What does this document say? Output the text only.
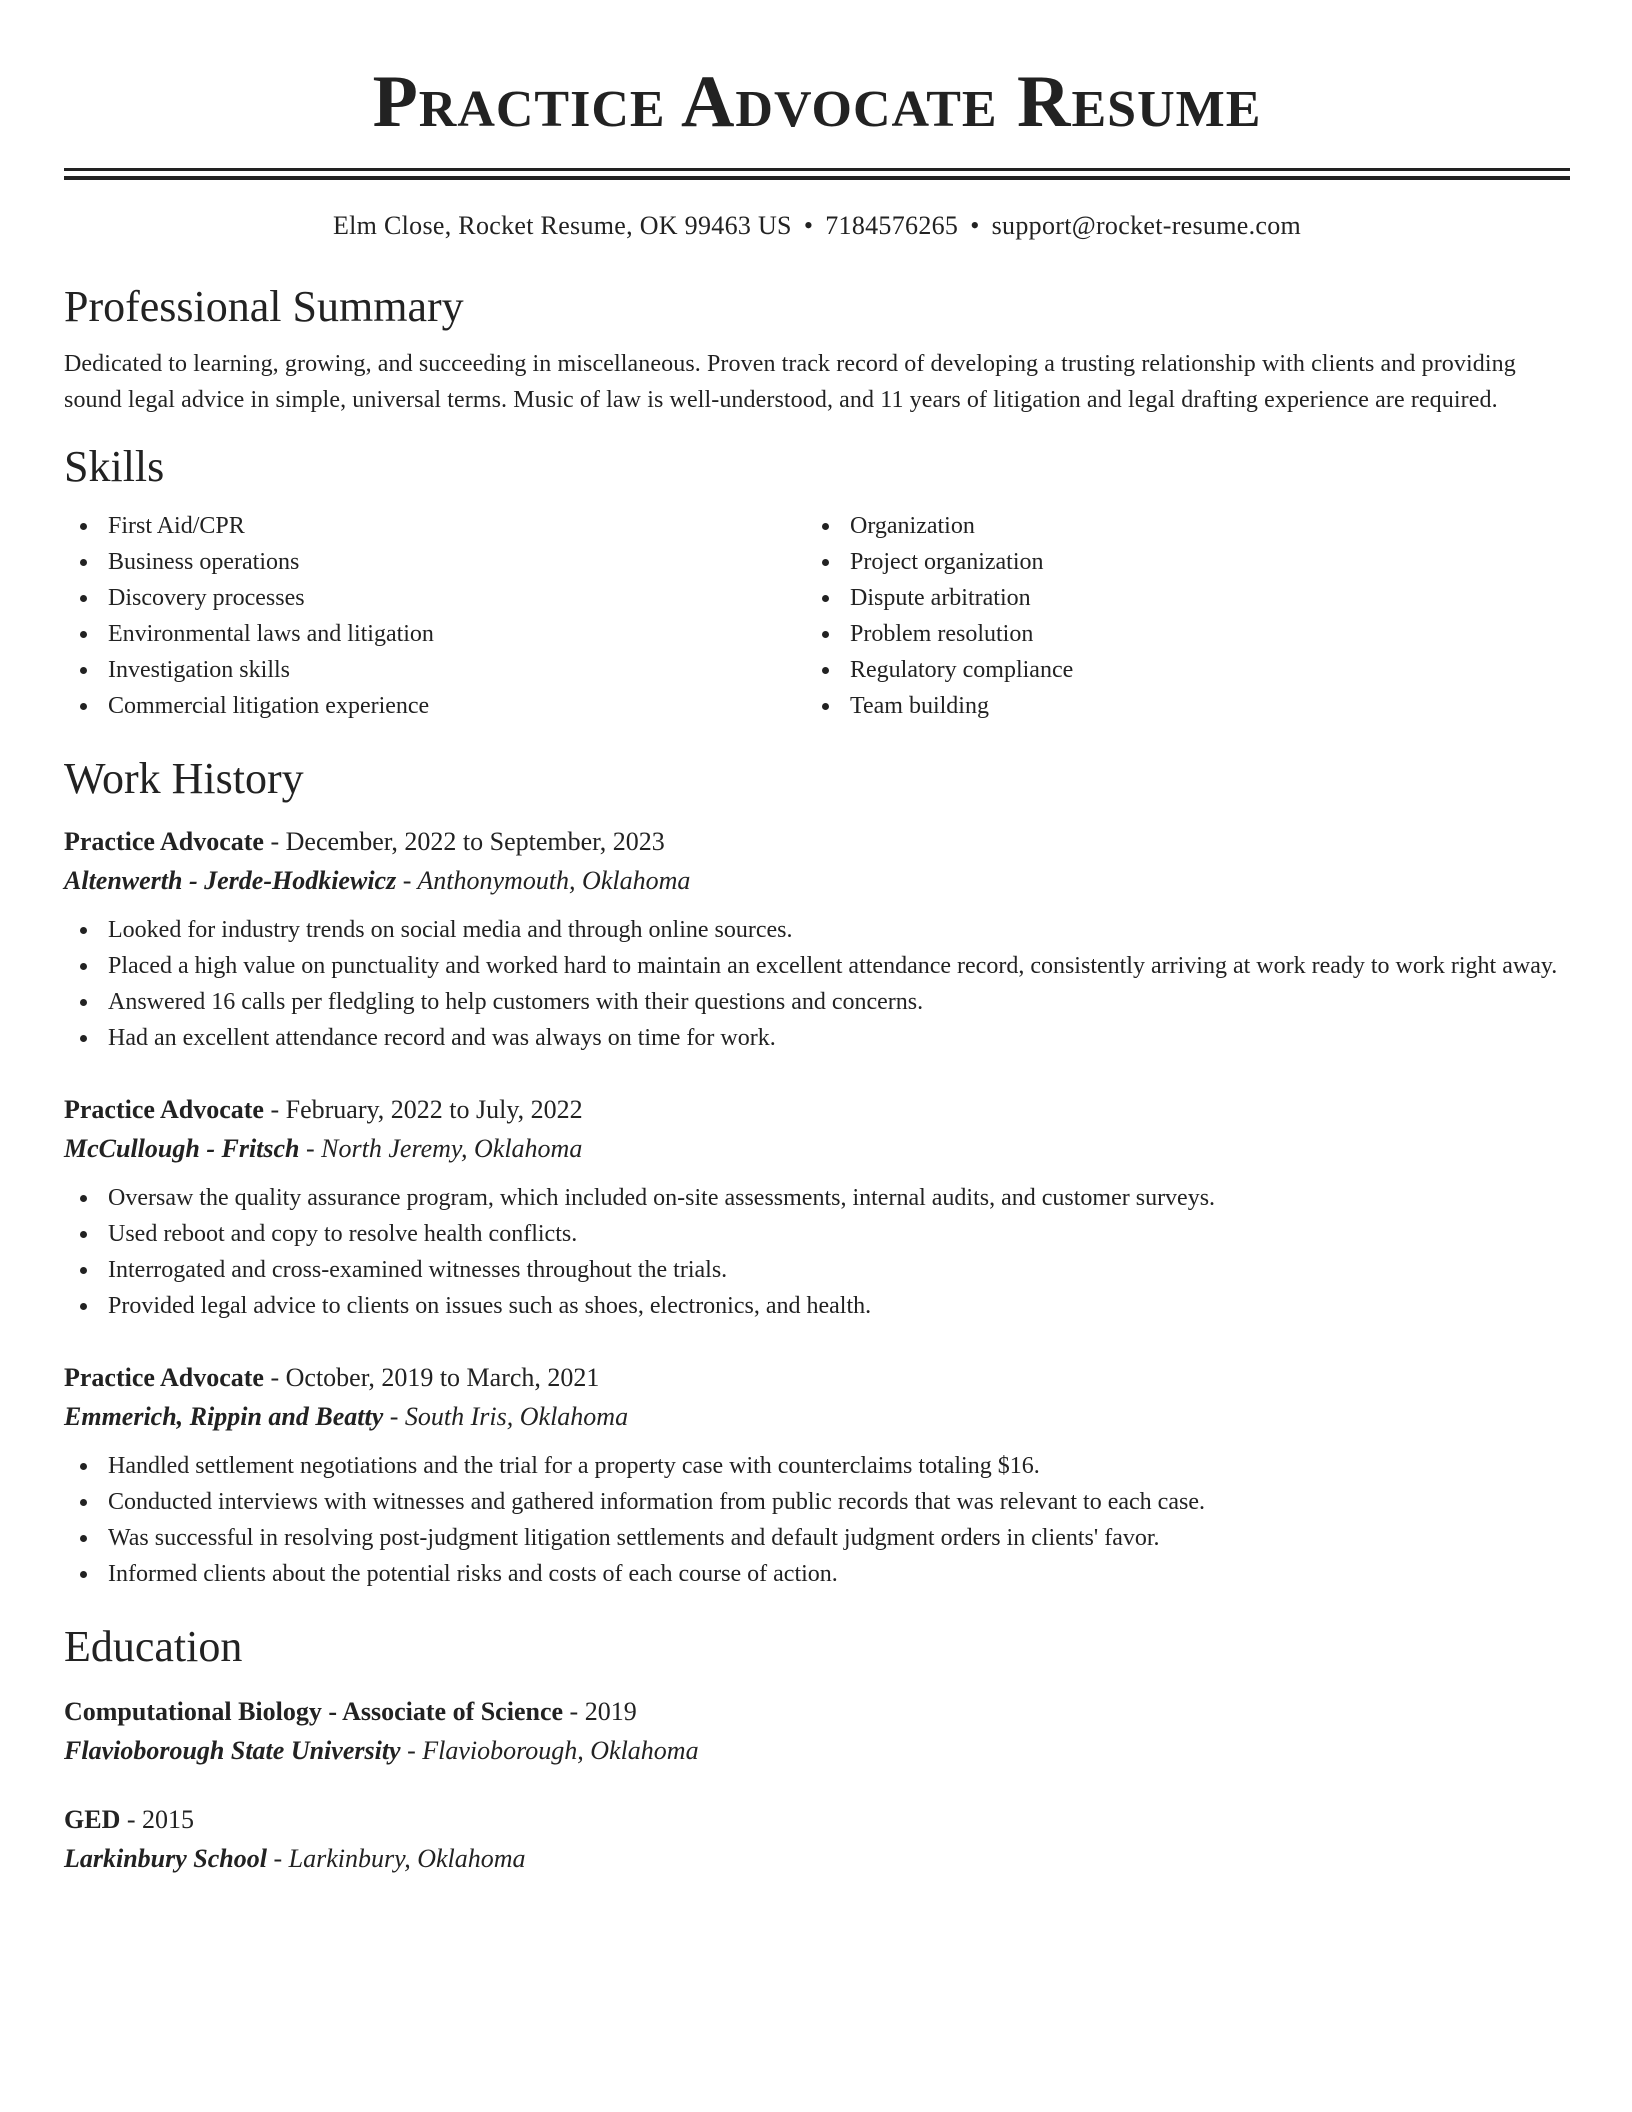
Practice Advocate Resume
Elm Close, Rocket Resume, OK 99463 US • 7184576265 • support@rocket-resume.com
Professional Summary
Dedicated to learning, growing, and succeeding in miscellaneous. Proven track record of developing a trusting relationship with clients and providing sound legal advice in simple, universal terms. Music of law is well-understood, and 11 years of litigation and legal drafting experience are required.
Skills
First Aid/CPR
Business operations
Discovery processes
Environmental laws and litigation
Investigation skills
Commercial litigation experience
Organization
Project organization
Dispute arbitration
Problem resolution
Regulatory compliance
Team building
Work History
Practice Advocate - December, 2022 to September, 2023
Altenwerth - Jerde-Hodkiewicz - Anthonymouth, Oklahoma
Looked for industry trends on social media and through online sources.
Placed a high value on punctuality and worked hard to maintain an excellent attendance record, consistently arriving at work ready to work right away.
Answered 16 calls per fledgling to help customers with their questions and concerns.
Had an excellent attendance record and was always on time for work.
Practice Advocate - February, 2022 to July, 2022
McCullough - Fritsch - North Jeremy, Oklahoma
Oversaw the quality assurance program, which included on-site assessments, internal audits, and customer surveys.
Used reboot and copy to resolve health conflicts.
Interrogated and cross-examined witnesses throughout the trials.
Provided legal advice to clients on issues such as shoes, electronics, and health.
Practice Advocate - October, 2019 to March, 2021
Emmerich, Rippin and Beatty - South Iris, Oklahoma
Handled settlement negotiations and the trial for a property case with counterclaims totaling $16.
Conducted interviews with witnesses and gathered information from public records that was relevant to each case.
Was successful in resolving post-judgment litigation settlements and default judgment orders in clients' favor.
Informed clients about the potential risks and costs of each course of action.
Education
Computational Biology - Associate of Science - 2019
Flavioborough State University - Flavioborough, Oklahoma
GED - 2015
Larkinbury School - Larkinbury, Oklahoma
